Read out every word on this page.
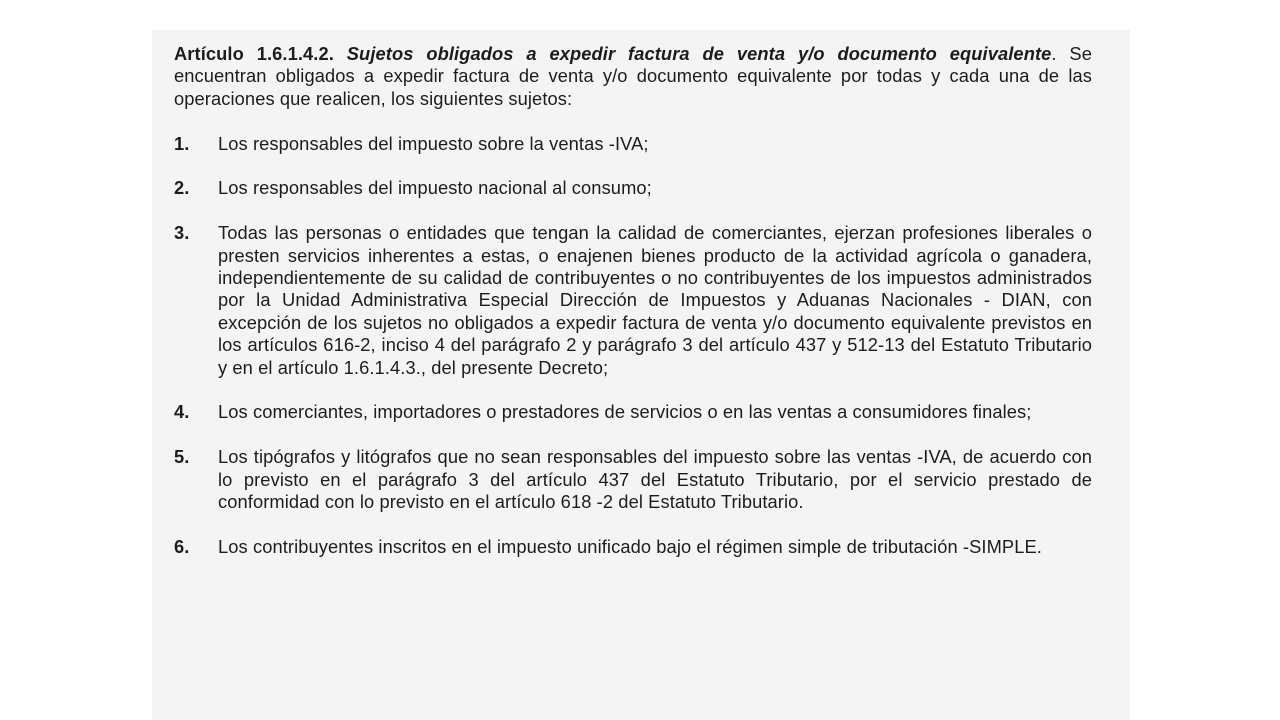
Artículo 1.6.1.4.2. Sujetos obligados a expedir factura de venta y/o documento equivalente. Se encuentran obligados a expedir factura de venta y/o documento equivalente por todas y cada una de las operaciones que realicen, los siguientes sujetos:

1. Los responsables del impuesto sobre la ventas -IVA;
2. Los responsables del impuesto nacional al consumo;
3. Todas las personas o entidades que tengan la calidad de comerciantes, ejerzan profesiones liberales o presten servicios inherentes a estas, o enajenen bienes producto de la actividad agrícola o ganadera, independientemente de su calidad de contribuyentes o no contribuyentes de los impuestos administrados por la Unidad Administrativa Especial Dirección de Impuestos y Aduanas Nacionales - DIAN, con excepción de los sujetos no obligados a expedir factura de venta y/o documento equivalente previstos en los artículos 616-2, inciso 4 del parágrafo 2 y parágrafo 3 del artículo 437 y 512-13 del Estatuto Tributario y en el artículo 1.6.1.4.3., del presente Decreto;
4. Los comerciantes, importadores o prestadores de servicios o en las ventas a consumidores finales;
5. Los tipógrafos y litógrafos que no sean responsables del impuesto sobre las ventas -IVA, de acuerdo con lo previsto en el parágrafo 3 del artículo 437 del Estatuto Tributario, por el servicio prestado de conformidad con lo previsto en el artículo 618 -2 del Estatuto Tributario.
6. Los contribuyentes inscritos en el impuesto unificado bajo el régimen simple de tributación -SIMPLE.
